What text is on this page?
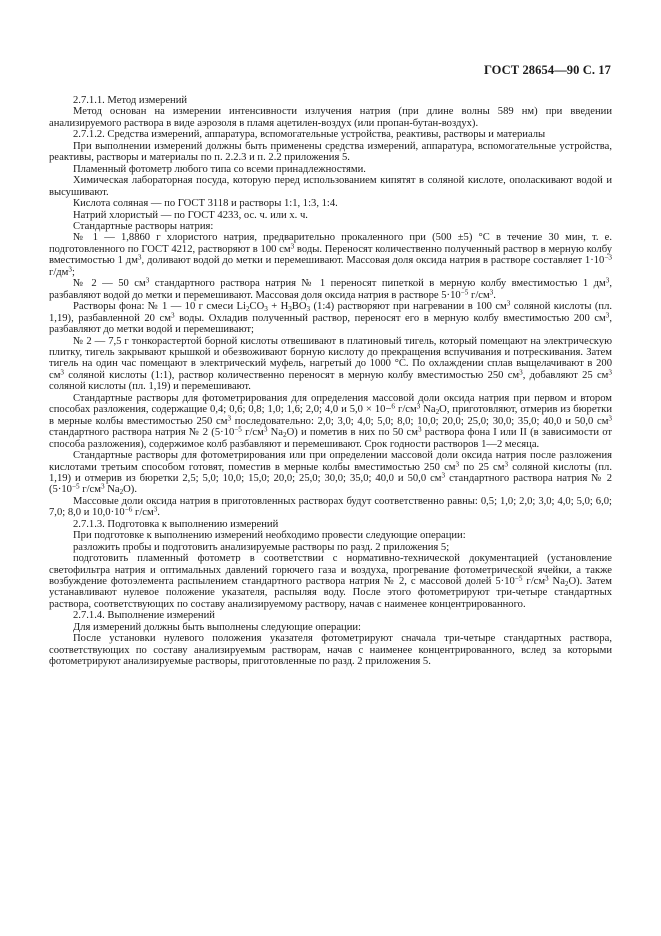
ГОСТ 28654—90 С. 17

2.7.1.1. Метод измерений

Метод основан на измерении интенсивности излучения натрия (при длине волны 589 нм) при введении анализируемого раствора в виде аэрозоля в пламя ацетилен-воздух (или пропан-бутан-воздух).

2.7.1.2. Средства измерений, аппаратура, вспомогательные устройства, реактивы, растворы и материалы

При выполнении измерений должны быть применены средства измерений, аппаратура, вспомогательные устройства, реактивы, растворы и материалы по п. 2.2.3 и п. 2.2 приложения 5.

Пламенный фотометр любого типа со всеми принадлежностями.

Химическая лабораторная посуда, которую перед использованием кипятят в соляной кислоте, ополаскивают водой и высушивают.

Кислота соляная — по ГОСТ 3118 и растворы 1:1, 1:3, 1:4.

Натрий хлористый — по ГОСТ 4233, ос. ч. или х. ч.

Стандартные растворы натрия:

№ 1 — 1,8860 г хлористого натрия, предварительно прокаленного при (500 ±5) °С в течение 30 мин, т. е. подготовленного по ГОСТ 4212, растворяют в 100 $см^3$ воды. Переносят количественно полученный раствор в мерную колбу вместимостью 1 $дм^3$, доливают водой до метки и перемешивают. Массовая доля оксида натрия в растворе составляет $1\cdot 10^{-3}$ $г/дм^3$;

№ 2 — 50 $см^3$ стандартного раствора натрия № 1 переносят пипеткой в мерную колбу вместимостью 1 $дм^3$, разбавляют водой до метки и перемешивают. Массовая доля оксида натрия в растворе $5\cdot 10^{-5}$ $г/см^3$.

Растворы фона: № 1 — 10 г смеси $Li_2CO_3 + H_3BO_3$ (1:4) растворяют при нагревании в 100 $см^3$ соляной кислоты (пл. 1,19), разбавленной 20 $см^3$ воды. Охладив полученный раствор, переносят его в мерную колбу вместимостью 200 $см^3$, разбавляют до метки водой и перемешивают;

№ 2 — 7,5 г тонкорастертой борной кислоты отвешивают в платиновый тигель, который помещают на электрическую плитку, тигель закрывают крышкой и обезвоживают борную кислоту до прекращения вспучивания и потрескивания. Затем тигель на один час помещают в электрический муфель, нагретый до 1000 °С. По охлаждении сплав выщелачивают в 200 $см^3$ соляной кислоты (1:1), раствор количественно переносят в мерную колбу вместимостью 250 $см^3$, добавляют 25 $см^3$ соляной кислоты (пл. 1,19) и перемешивают.

Стандартные растворы для фотометрирования для определения массовой доли оксида натрия при первом и втором способах разложения, содержащие 0,4; 0,6; 0,8; 1,0; 1,6; 2,0; 4,0 и 5,0 × 10−$^6$ $г/см^3$ $Na_2O$, приготовляют, отмерив из бюретки в мерные колбы вместимостью 250 $см^3$ последовательно: 2,0; 3,0; 4,0; 5,0; 8,0; 10,0; 20,0; 25,0; 30,0; 35,0; 40,0 и 50,0 $см^3$ стандартного раствора натрия № 2 ($5\cdot 10^{-5}$ $г/см^3$ $Na_2O$) и пометив в них по 50 $см^3$ раствора фона I или II (в зависимости от способа разложения), содержимое колб разбавляют и перемешивают. Срок годности растворов 1—2 месяца.

Стандартные растворы для фотометрирования или при определении массовой доли оксида натрия после разложения кислотами третьим способом готовят, поместив в мерные колбы вместимостью 250 $см^3$ по 25 $см^3$ соляной кислоты (пл. 1,19) и отмерив из бюретки 2,5; 5,0; 10,0; 15,0; 20,0; 25,0; 30,0; 35,0; 40,0 и 50,0 $см^3$ стандартного раствора натрия № 2 ($5\cdot 10^{-5}$ $г/см^3$ $Na_2O$).

Массовые доли оксида натрия в приготовленных растворах будут соответственно равны: 0,5; 1,0; 2,0; 3,0; 4,0; 5,0; 6,0; 7,0; 8,0 и $10,0\cdot 10^{-6}$ $г/см^3$.

2.7.1.3. Подготовка к выполнению измерений

При подготовке к выполнению измерений необходимо провести следующие операции:

разложить пробы и подготовить анализируемые растворы по разд. 2 приложения 5;

подготовить пламенный фотометр в соответствии с нормативно-технической документацией (установление светофильтра натрия и оптимальных давлений горючего газа и воздуха, прогревание фотометрической ячейки, а также возбуждение фотоэлемента распылением стандартного раствора натрия № 2, с массовой долей $5\cdot 10^{-5}$ $г/см^3$ $Na_2O$). Затем устанавливают нулевое положение указателя, распыляя воду. После этого фотометрируют три-четыре стандартных раствора, соответствующих по составу анализируемому раствору, начав с наименее концентрированного.

2.7.1.4. Выполнение измерений

Для измерений должны быть выполнены следующие операции:

После установки нулевого положения указателя фотометрируют сначала три-четыре стандартных раствора, соответствующих по составу анализируемым растворам, начав с наименее концентрированного, вслед за которыми фотометрируют анализируемые растворы, приготовленные по разд. 2 приложения 5.
